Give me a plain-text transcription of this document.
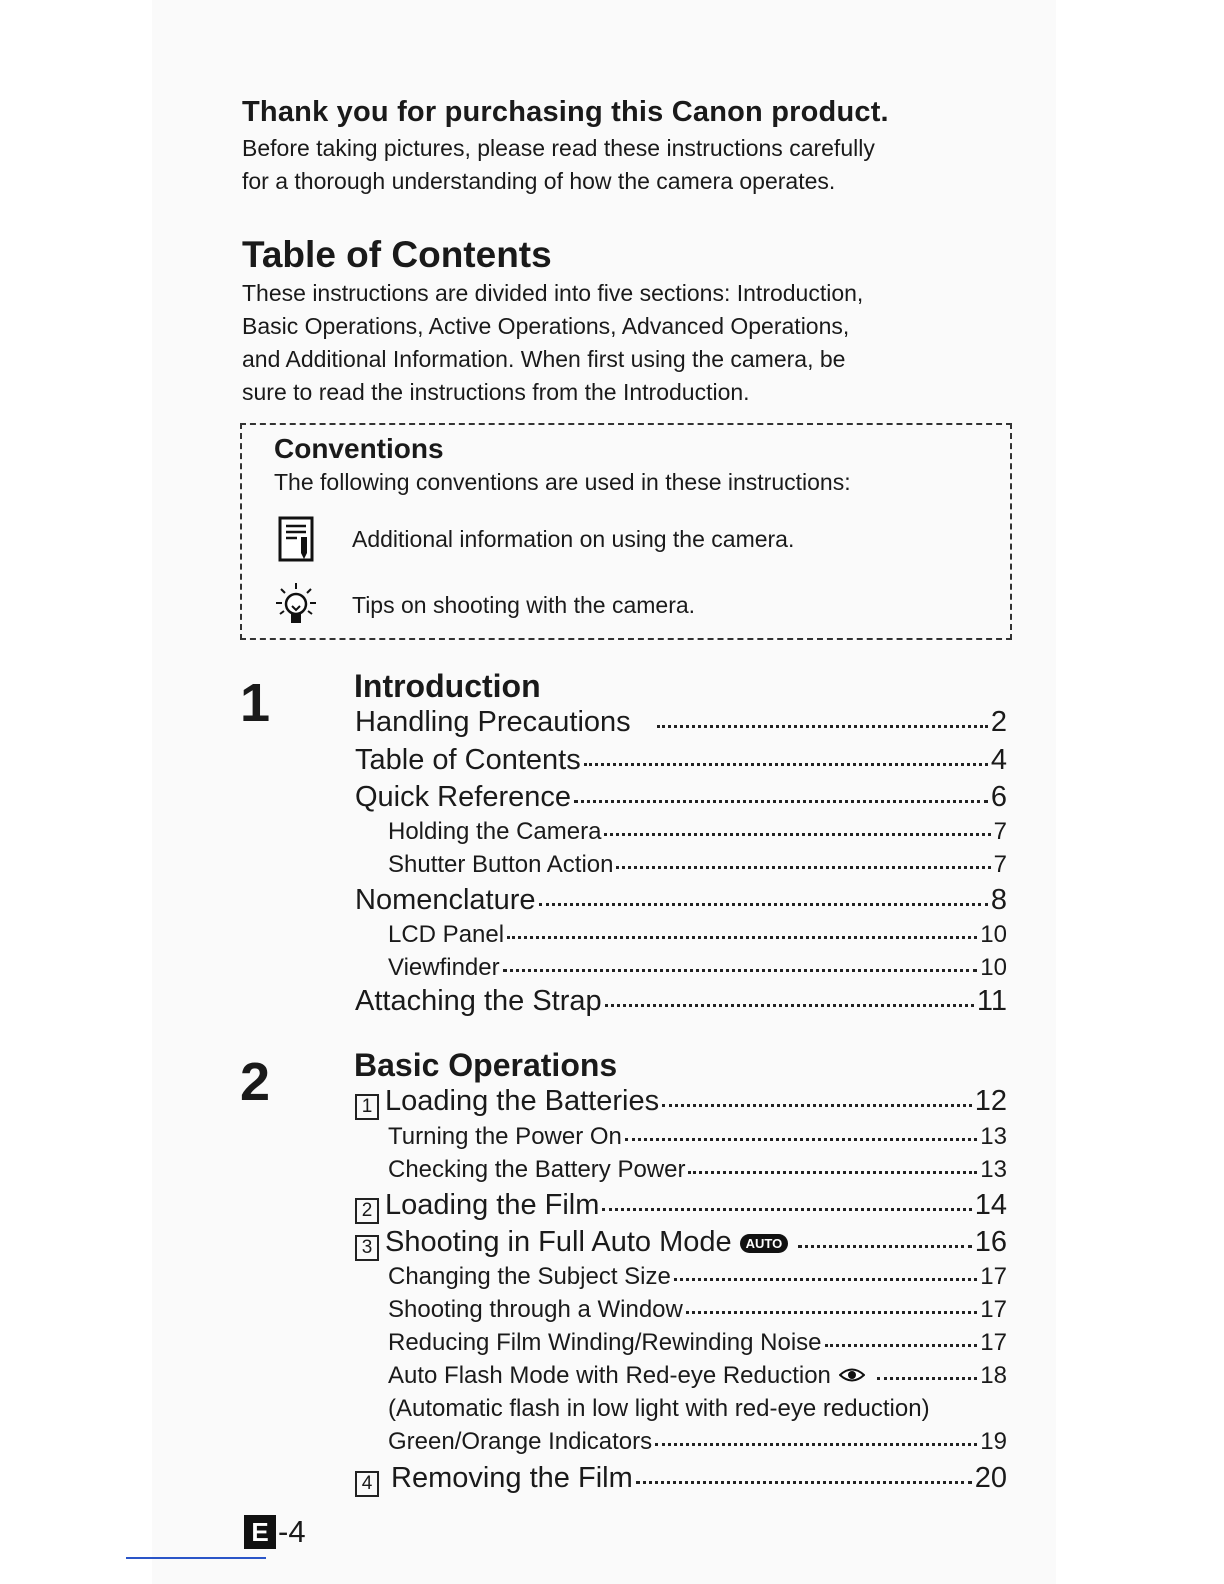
Thank you for purchasing this Canon product.
Before taking pictures, please read these instructions carefully
for a thorough understanding of how the camera operates.
Table of Contents
These instructions are divided into five sections: Introduction,
Basic Operations, Active Operations, Advanced Operations,
and Additional Information. When first using the camera, be
sure to read the instructions from the Introduction.
Conventions
The following conventions are used in these instructions:
Additional information on using the camera.
Tips on shooting with the camera.
1	Introduction
Handling Precautions	2
Table of Contents	4
Quick Reference	6
Holding the Camera	7
Shutter Button Action	7
Nomenclature	8
LCD Panel	10
Viewfinder	10
Attaching the Strap	11
2	Basic Operations
1 Loading the Batteries	12
Turning the Power On	13
Checking the Battery Power	13
2 Loading the Film	14
3 Shooting in Full Auto Mode	AUTO	16
Changing the Subject Size	17
Shooting through a Window	17
Reducing Film Winding/Rewinding Noise	17
Auto Flash Mode with Red-eye Reduction	18
(Automatic flash in low light with red-eye reduction)
Green/Orange Indicators	19
4 Removing the Film	20
E -4
